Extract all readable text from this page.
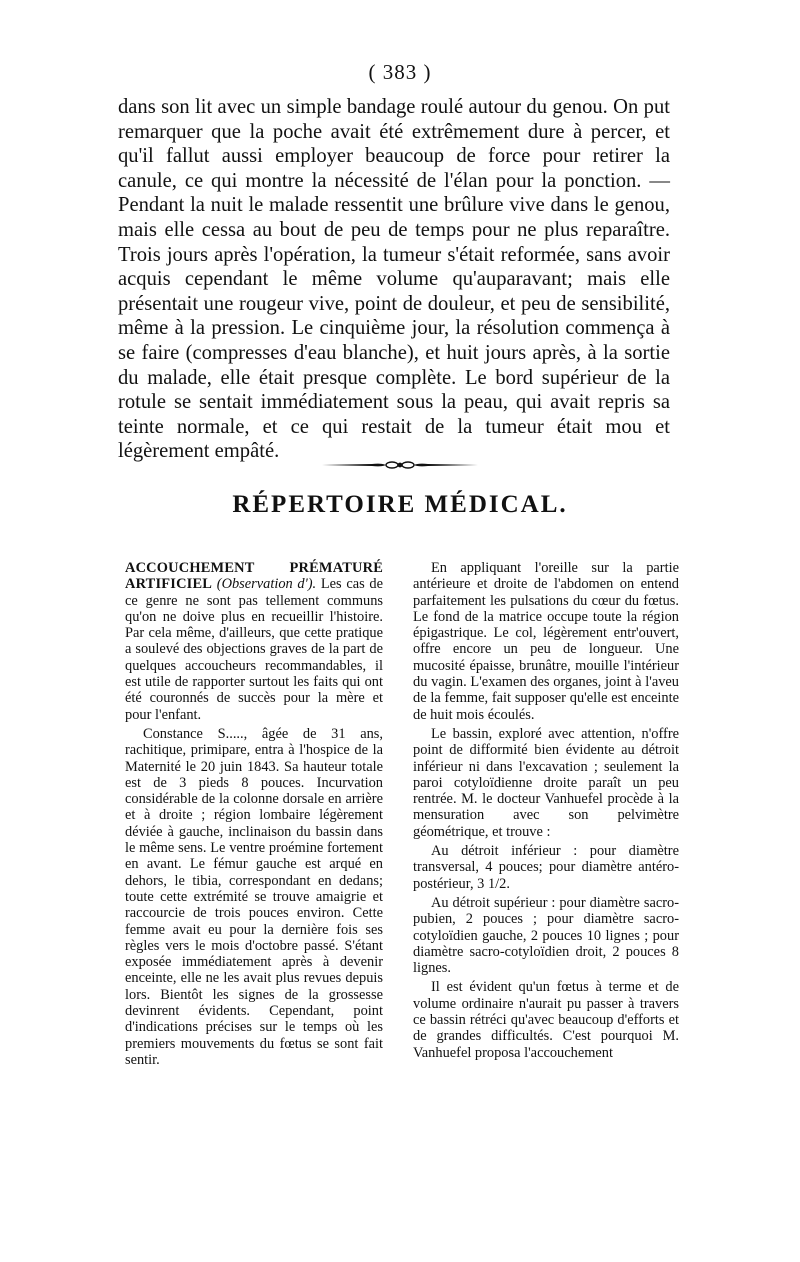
( 383 )

dans son lit avec un simple bandage roulé autour du genou. On put remarquer que la poche avait été extrêmement dure à percer, et qu'il fallut aussi employer beaucoup de force pour retirer la canule, ce qui montre la nécessité de l'élan pour la ponction. — Pendant la nuit le malade ressentit une brûlure vive dans le genou, mais elle cessa au bout de peu de temps pour ne plus reparaître. Trois jours après l'opération, la tumeur s'était reformée, sans avoir acquis cependant le même volume qu'auparavant; mais elle présentait une rougeur vive, point de douleur, et peu de sensibilité, même à la pression. Le cinquième jour, la résolution commença à se faire (compresses d'eau blanche), et huit jours après, à la sortie du malade, elle était presque complète. Le bord supérieur de la rotule se sentait immédiatement sous la peau, qui avait repris sa teinte normale, et ce qui restait de la tumeur était mou et légèrement empâté.

RÉPERTOIRE MÉDICAL.

ACCOUCHEMENT PRÉMATURÉ ARTIFICIEL (Observation d'). Les cas de ce genre ne sont pas tellement communs qu'on ne doive plus en recueillir l'histoire. Par cela même, d'ailleurs, que cette pratique a soulevé des objections graves de la part de quelques accoucheurs recommandables, il est utile de rapporter surtout les faits qui ont été couronnés de succès pour la mère et pour l'enfant.

Constance S....., âgée de 31 ans, rachitique, primipare, entra à l'hospice de la Maternité le 20 juin 1843. Sa hauteur totale est de 3 pieds 8 pouces. Incurvation considérable de la colonne dorsale en arrière et à droite ; région lombaire légèrement déviée à gauche, inclinaison du bassin dans le même sens. Le ventre proémine fortement en avant. Le fémur gauche est arqué en dehors, le tibia, correspondant en dedans; toute cette extrémité se trouve amaigrie et raccourcie de trois pouces environ. Cette femme avait eu pour la dernière fois ses règles vers le mois d'octobre passé. S'étant exposée immédiatement après à devenir enceinte, elle ne les avait plus revues depuis lors. Bientôt les signes de la grossesse devinrent évidents. Cependant, point d'indications précises sur le temps où les premiers mouvements du fœtus se sont fait sentir.

En appliquant l'oreille sur la partie antérieure et droite de l'abdomen on entend parfaitement les pulsations du cœur du fœtus. Le fond de la matrice occupe toute la région épigastrique. Le col, légèrement entr'ouvert, offre encore un peu de longueur. Une mucosité épaisse, brunâtre, mouille l'intérieur du vagin. L'examen des organes, joint à l'aveu de la femme, fait supposer qu'elle est enceinte de huit mois écoulés.

Le bassin, exploré avec attention, n'offre point de difformité bien évidente au détroit inférieur ni dans l'excavation ; seulement la paroi cotyloïdienne droite paraît un peu rentrée. M. le docteur Vanhuefel procède à la mensuration avec son pelvimètre géométrique, et trouve :

Au détroit inférieur : pour diamètre transversal, 4 pouces; pour diamètre antéro-postérieur, 3 1/2.

Au détroit supérieur : pour diamètre sacro-pubien, 2 pouces ; pour diamètre sacro-cotyloïdien gauche, 2 pouces 10 lignes ; pour diamètre sacro-cotyloïdien droit, 2 pouces 8 lignes.

Il est évident qu'un fœtus à terme et de volume ordinaire n'aurait pu passer à travers ce bassin rétréci qu'avec beaucoup d'efforts et de grandes difficultés. C'est pourquoi M. Vanhuefel proposa l'accouchement
